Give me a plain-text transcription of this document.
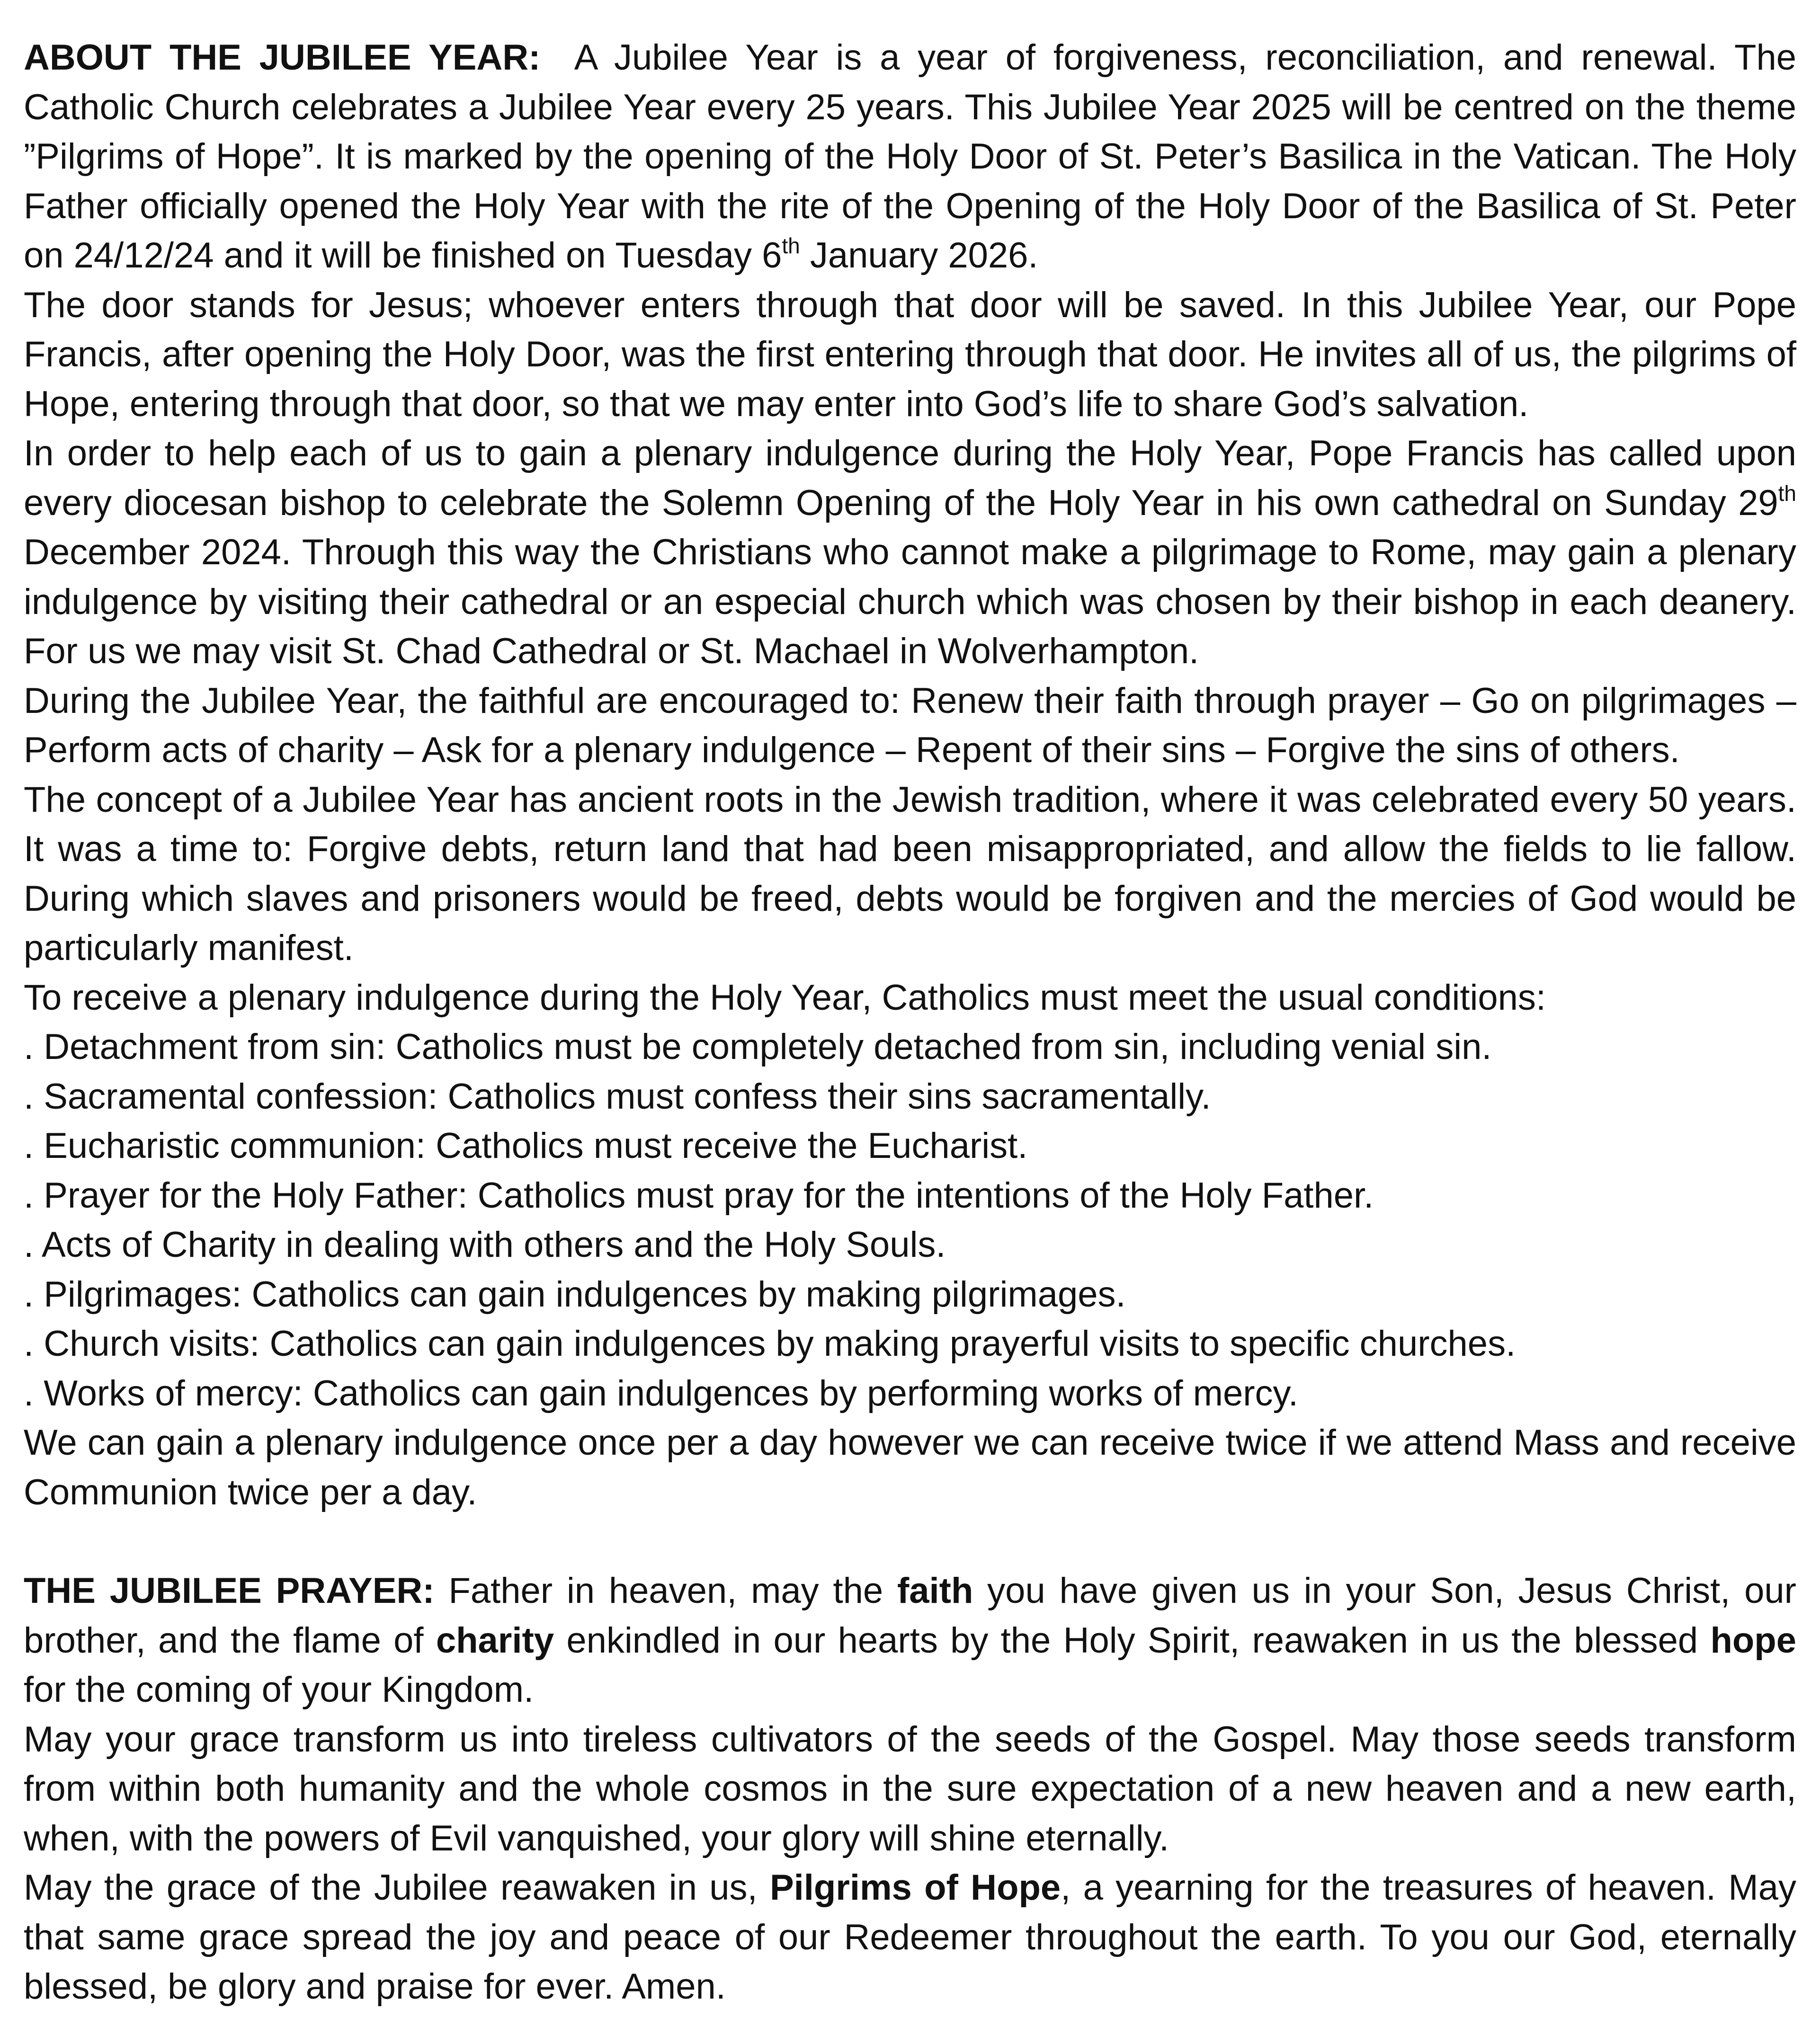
ABOUT THE JUBILEE YEAR: A Jubilee Year is a year of forgiveness, reconciliation, and renewal. The Catholic Church celebrates a Jubilee Year every 25 years. This Jubilee Year 2025 will be centred on the theme ”Pilgrims of Hope”. It is marked by the opening of the Holy Door of St. Peter’s Basilica in the Vatican. The Holy Father officially opened the Holy Year with the rite of the Opening of the Holy Door of the Basilica of St. Peter on 24/12/24 and it will be finished on Tuesday 6th January 2026.

The door stands for Jesus; whoever enters through that door will be saved. In this Jubilee Year, our Pope Francis, after opening the Holy Door, was the first entering through that door. He invites all of us, the pilgrims of Hope, entering through that door, so that we may enter into God’s life to share God’s salvation.

In order to help each of us to gain a plenary indulgence during the Holy Year, Pope Francis has called upon every diocesan bishop to celebrate the Solemn Opening of the Holy Year in his own cathedral on Sunday 29th December 2024. Through this way the Christians who cannot make a pilgrimage to Rome, may gain a plenary indulgence by visiting their cathedral or an especial church which was chosen by their bishop in each deanery. For us we may visit St. Chad Cathedral or St. Machael in Wolverhampton.

During the Jubilee Year, the faithful are encouraged to: Renew their faith through prayer – Go on pilgrimages – Perform acts of charity – Ask for a plenary indulgence – Repent of their sins – Forgive the sins of others.

The concept of a Jubilee Year has ancient roots in the Jewish tradition, where it was celebrated every 50 years. It was a time to: Forgive debts, return land that had been misappropriated, and allow the fields to lie fallow. During which slaves and prisoners would be freed, debts would be forgiven and the mercies of God would be particularly manifest.

To receive a plenary indulgence during the Holy Year, Catholics must meet the usual conditions:

. Detachment from sin: Catholics must be completely detached from sin, including venial sin.

. Sacramental confession: Catholics must confess their sins sacramentally.

. Eucharistic communion: Catholics must receive the Eucharist.

. Prayer for the Holy Father: Catholics must pray for the intentions of the Holy Father.

. Acts of Charity in dealing with others and the Holy Souls.

. Pilgrimages: Catholics can gain indulgences by making pilgrimages.

. Church visits: Catholics can gain indulgences by making prayerful visits to specific churches.

. Works of mercy: Catholics can gain indulgences by performing works of mercy.

We can gain a plenary indulgence once per a day however we can receive twice if we attend Mass and receive Communion twice per a day.

THE JUBILEE PRAYER: Father in heaven, may the faith you have given us in your Son, Jesus Christ, our brother, and the flame of charity enkindled in our hearts by the Holy Spirit, reawaken in us the blessed hope for the coming of your Kingdom.

May your grace transform us into tireless cultivators of the seeds of the Gospel. May those seeds transform from within both humanity and the whole cosmos in the sure expectation of a new heaven and a new earth, when, with the powers of Evil vanquished, your glory will shine eternally.

May the grace of the Jubilee reawaken in us, Pilgrims of Hope, a yearning for the treasures of heaven. May that same grace spread the joy and peace of our Redeemer throughout the earth. To you our God, eternally blessed, be glory and praise for ever. Amen.
